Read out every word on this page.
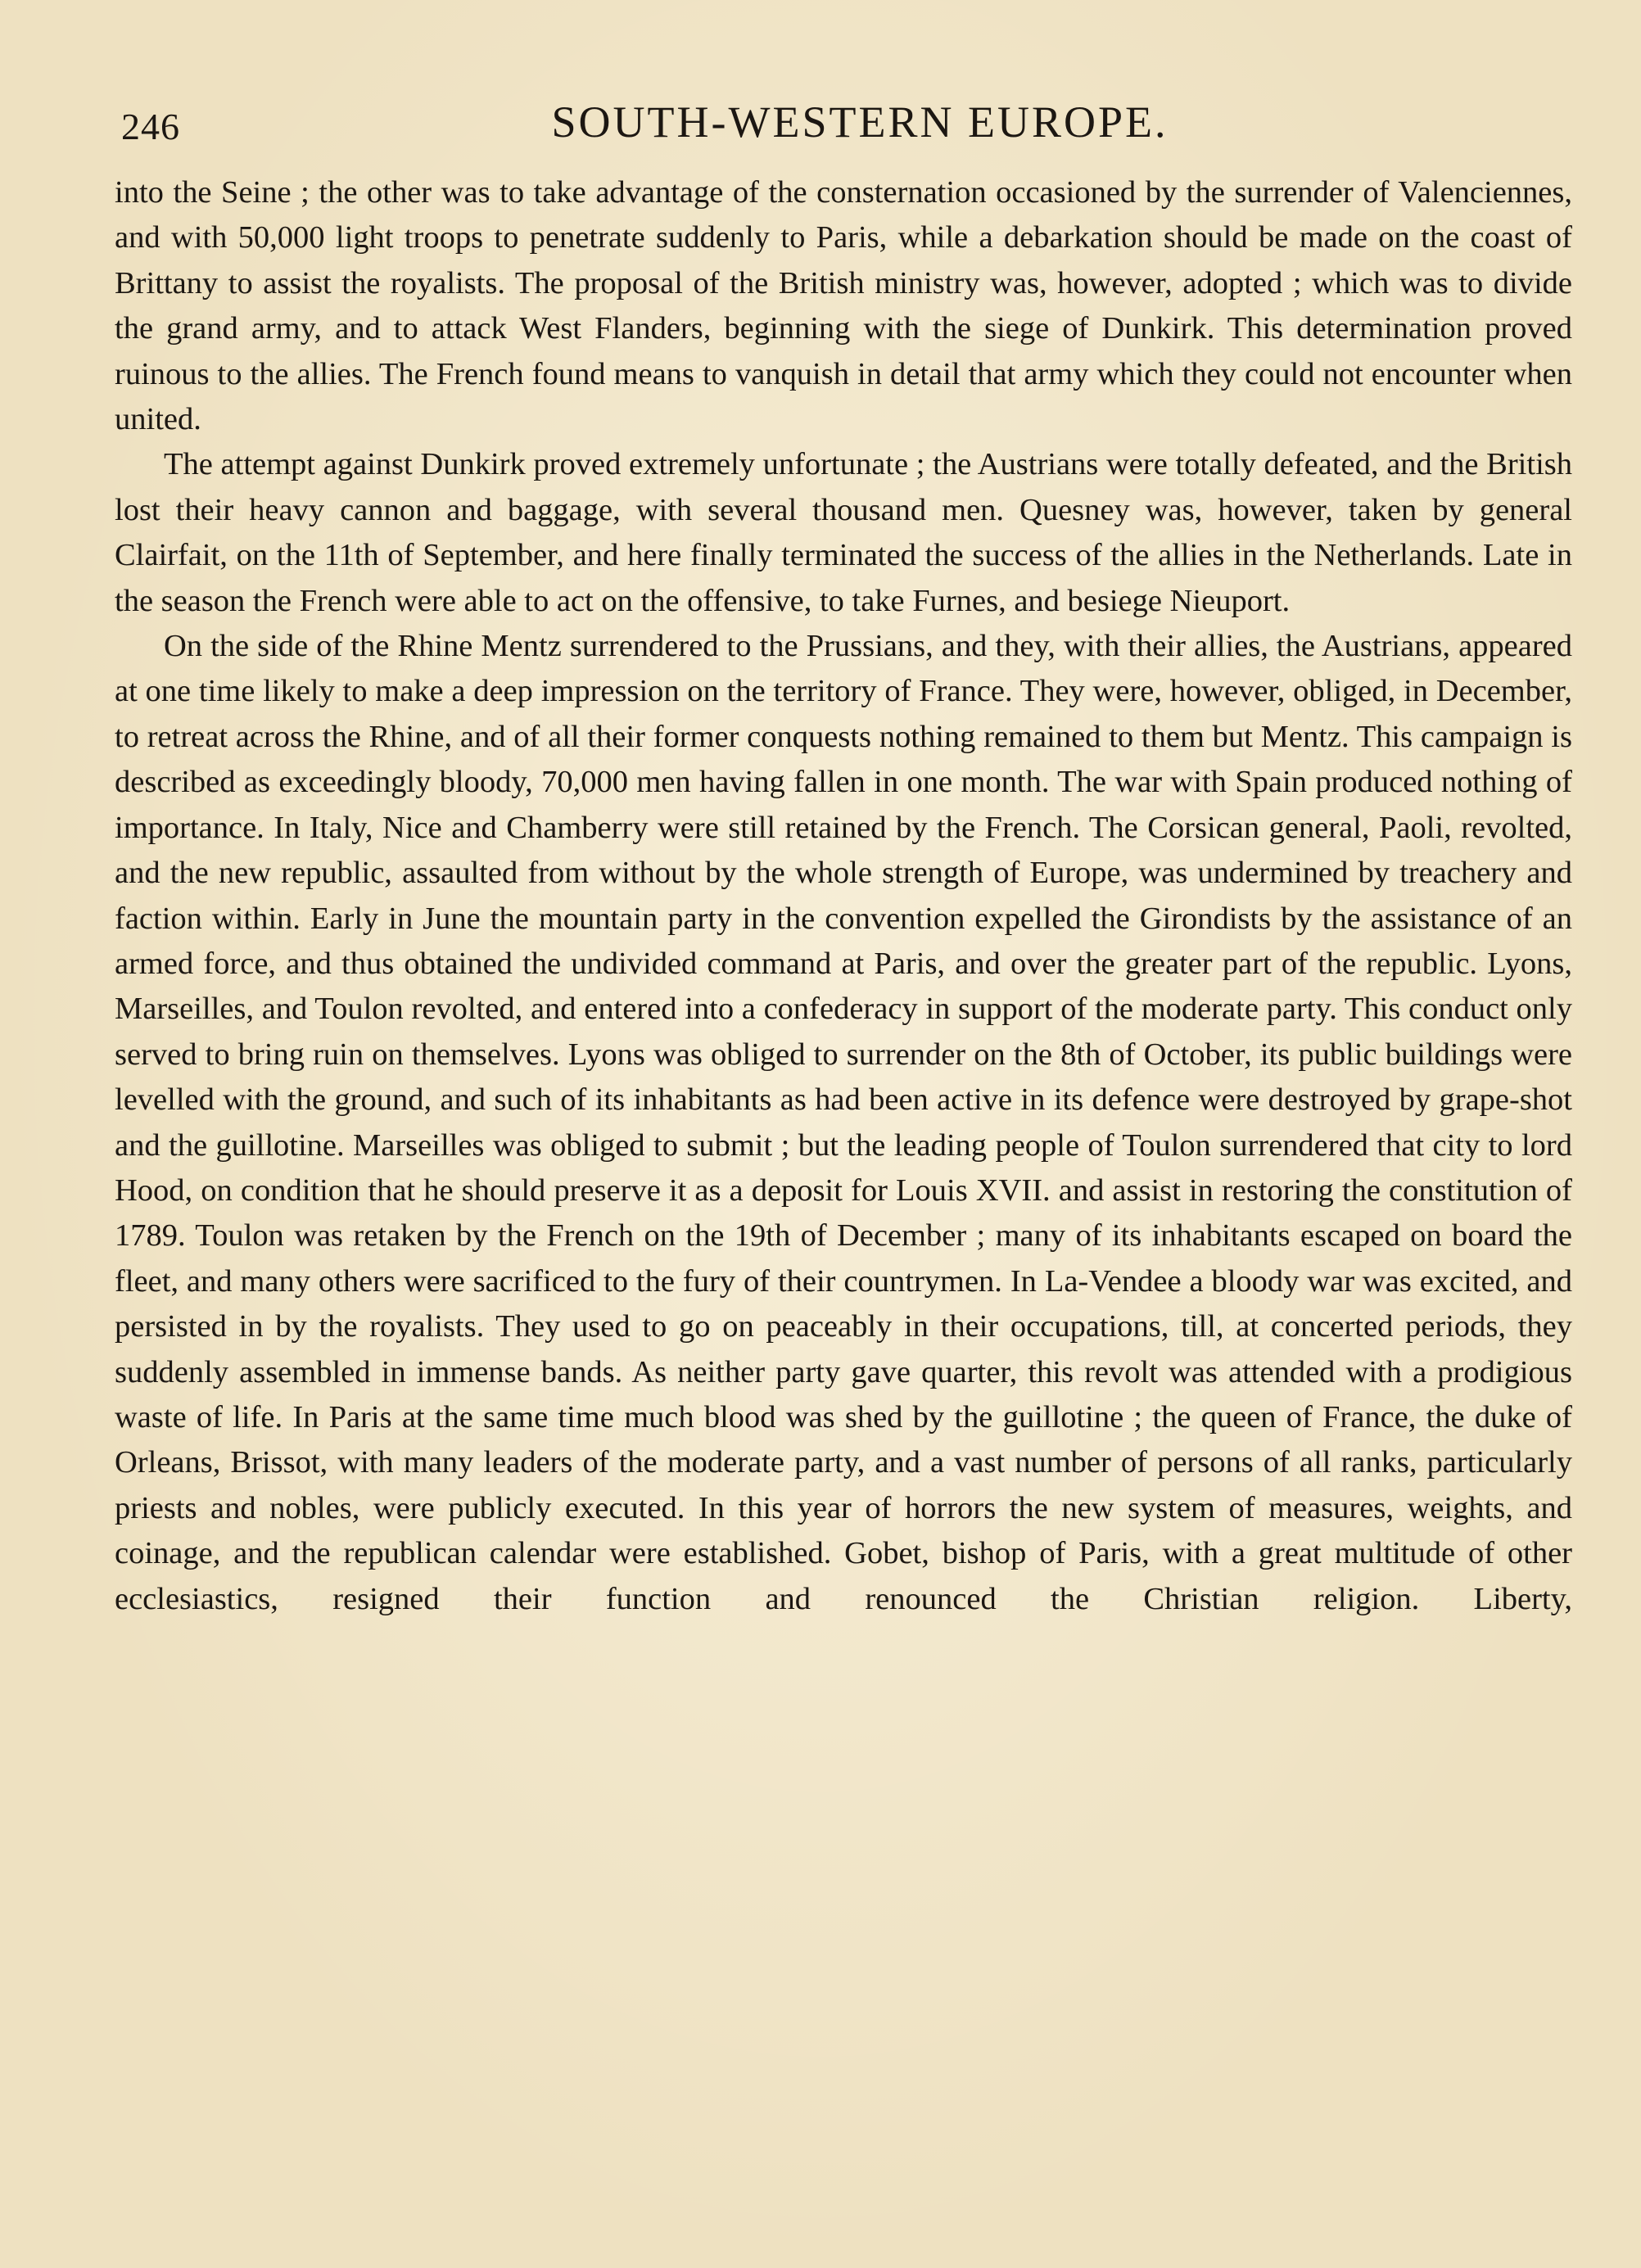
246	SOUTH-WESTERN EUROPE.

into the Seine ; the other was to take advantage of the consternation occasioned by the surrender of Valenciennes, and with 50,000 light troops to penetrate suddenly to Paris, while a debarkation should be made on the coast of Brittany to assist the royalists. The proposal of the British ministry was, however, adopted ; which was to divide the grand army, and to attack West Flanders, beginning with the siege of Dunkirk. This determination proved ruinous to the allies. The French found means to vanquish in detail that army which they could not encounter when united.

The attempt against Dunkirk proved extremely unfortunate ; the Austrians were totally defeated, and the British lost their heavy cannon and baggage, with several thousand men. Quesney was, however, taken by general Clairfait, on the 11th of September, and here finally terminated the success of the allies in the Netherlands. Late in the season the French were able to act on the offensive, to take Furnes, and besiege Nieuport.

On the side of the Rhine Mentz surrendered to the Prussians, and they, with their allies, the Austrians, appeared at one time likely to make a deep impression on the territory of France. They were, however, obliged, in December, to retreat across the Rhine, and of all their former conquests nothing remained to them but Mentz. This campaign is described as exceedingly bloody, 70,000 men having fallen in one month. The war with Spain produced nothing of importance. In Italy, Nice and Chamberry were still retained by the French. The Corsican general, Paoli, revolted, and the new republic, assaulted from without by the whole strength of Europe, was undermined by treachery and faction within. Early in June the mountain party in the convention expelled the Girondists by the assistance of an armed force, and thus obtained the undivided command at Paris, and over the greater part of the republic. Lyons, Marseilles, and Toulon revolted, and entered into a confederacy in support of the moderate party. This conduct only served to bring ruin on themselves. Lyons was obliged to surrender on the 8th of October, its public buildings were levelled with the ground, and such of its inhabitants as had been active in its defence were destroyed by grape-shot and the guillotine. Marseilles was obliged to submit ; but the leading people of Toulon surrendered that city to lord Hood, on condition that he should preserve it as a deposit for Louis XVII. and assist in restoring the constitution of 1789. Toulon was retaken by the French on the 19th of December ; many of its inhabitants escaped on board the fleet, and many others were sacrificed to the fury of their countrymen. In La-Vendee a bloody war was excited, and persisted in by the royalists. They used to go on peaceably in their occupations, till, at concerted periods, they suddenly assembled in immense bands. As neither party gave quarter, this revolt was attended with a prodigious waste of life. In Paris at the same time much blood was shed by the guillotine ; the queen of France, the duke of Orleans, Brissot, with many leaders of the moderate party, and a vast number of persons of all ranks, particularly priests and nobles, were publicly executed. In this year of horrors the new system of measures, weights, and coinage, and the republican calendar were established. Gobet, bishop of Paris, with a great multitude of other ecclesiastics, resigned their function and renounced the Christian religion. Liberty,
